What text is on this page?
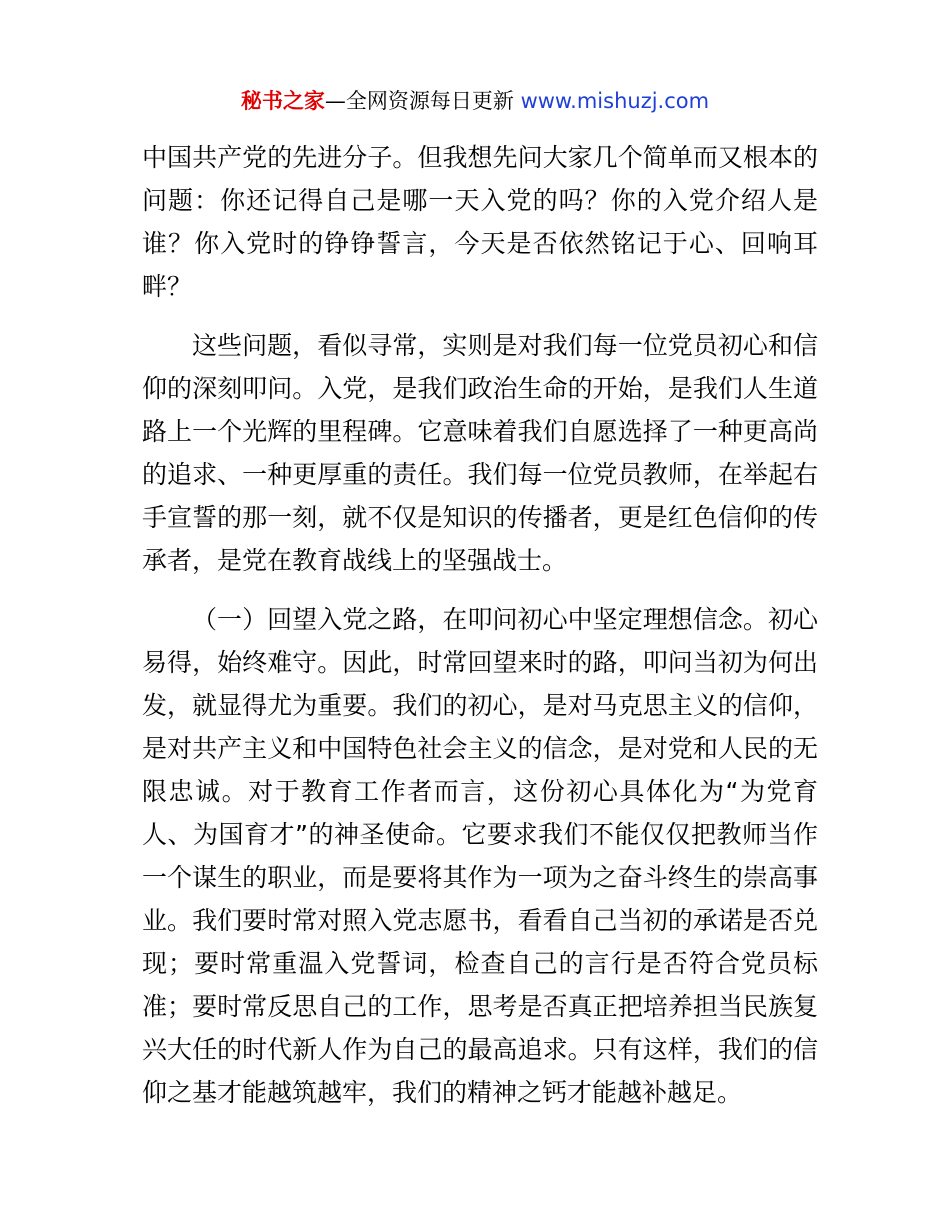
秘书之家—全网资源每日更新 www.mishuzj.com

中国共产党的先进分子。但我想先问大家几个简单而又根本的问题：你还记得自己是哪一天入党的吗？你的入党介绍人是谁？你入党时的铮铮誓言，今天是否依然铭记于心、回响耳畔？

这些问题，看似寻常，实则是对我们每一位党员初心和信仰的深刻叩问。入党，是我们政治生命的开始，是我们人生道路上一个光辉的里程碑。它意味着我们自愿选择了一种更高尚的追求、一种更厚重的责任。我们每一位党员教师，在举起右手宣誓的那一刻，就不仅是知识的传播者，更是红色信仰的传承者，是党在教育战线上的坚强战士。

（一）回望入党之路，在叩问初心中坚定理想信念。初心易得，始终难守。因此，时常回望来时的路，叩问当初为何出发，就显得尤为重要。我们的初心，是对马克思主义的信仰，是对共产主义和中国特色社会主义的信念，是对党和人民的无限忠诚。对于教育工作者而言，这份初心具体化为“为党育人、为国育才”的神圣使命。它要求我们不能仅仅把教师当作一个谋生的职业，而是要将其作为一项为之奋斗终生的崇高事业。我们要时常对照入党志愿书，看看自己当初的承诺是否兑现；要时常重温入党誓词，检查自己的言行是否符合党员标准；要时常反思自己的工作，思考是否真正把培养担当民族复兴大任的时代新人作为自己的最高追求。只有这样，我们的信仰之基才能越筑越牢，我们的精神之钙才能越补越足。
